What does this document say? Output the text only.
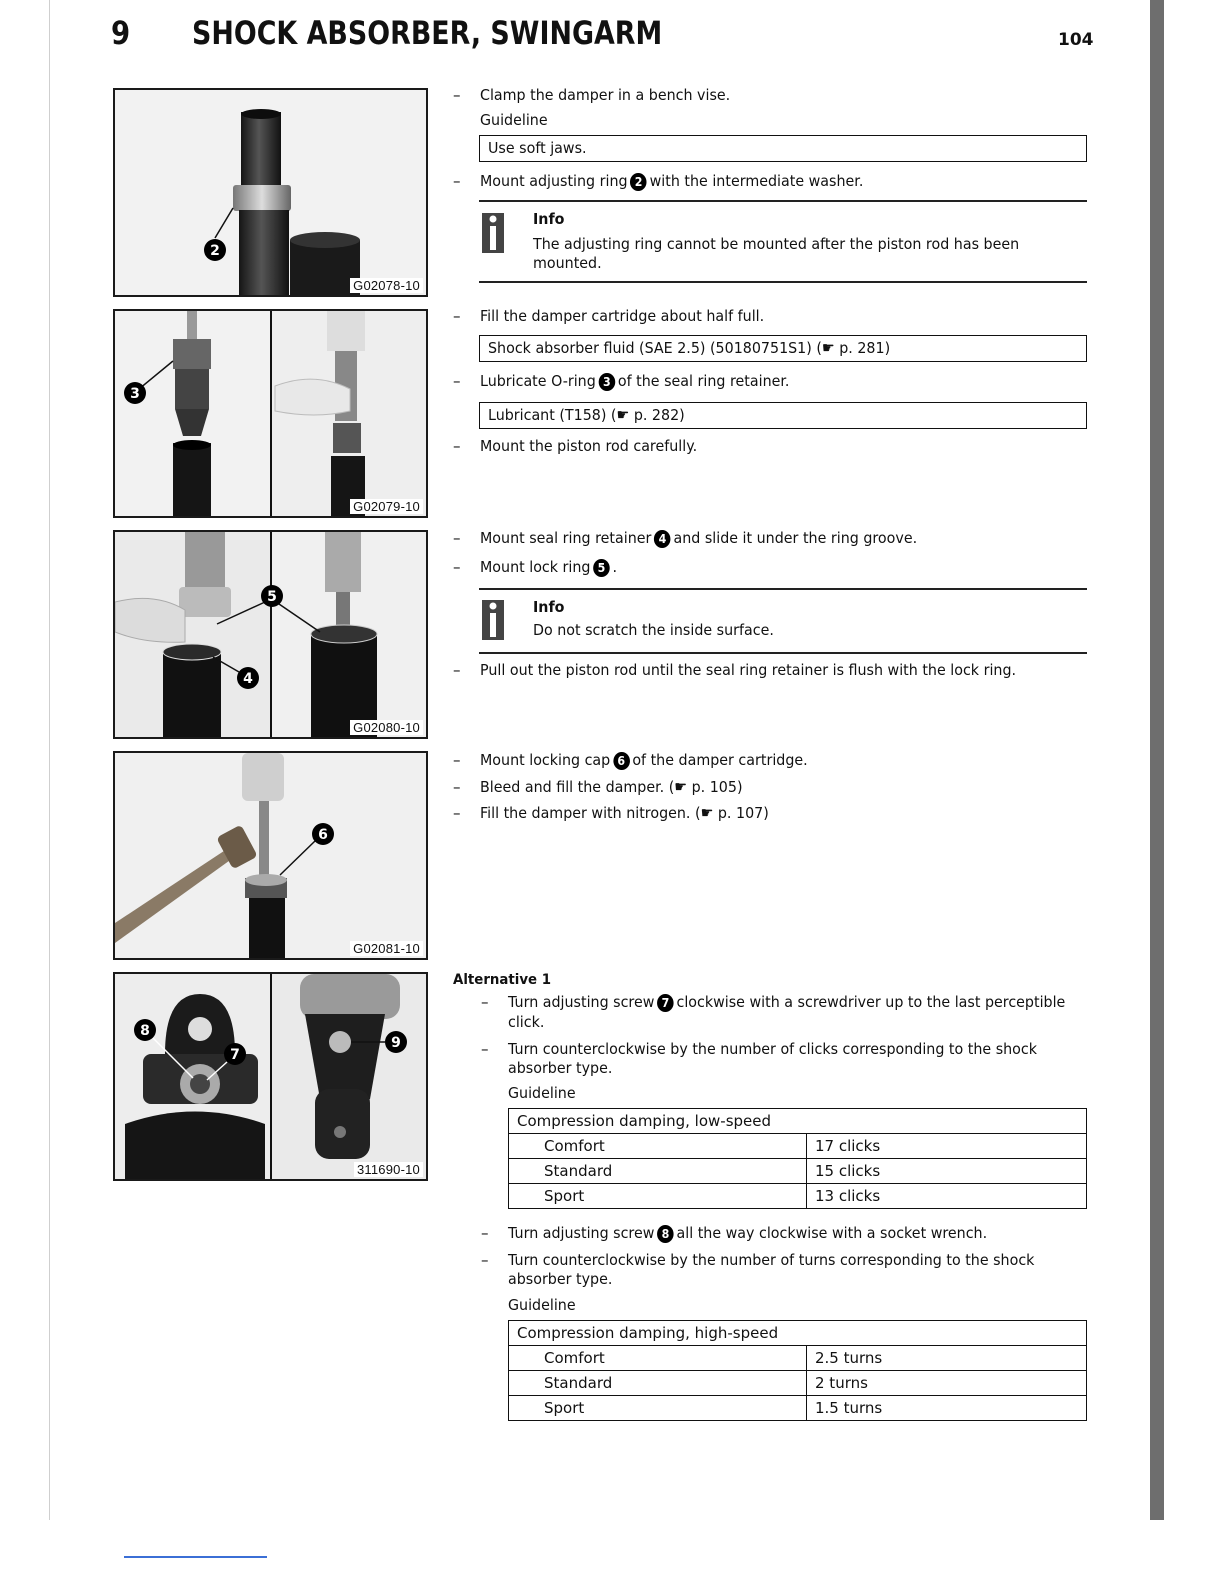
9 SHOCK ABSORBER, SWINGARM	104
2
G02078-10
3
G02079-10
5
4
G02080-10
6
G02081-10
8
7
9
311690-10
– Clamp the damper in a bench vise.
Guideline
Use soft jaws.
– Mount adjusting ring 2 with the intermediate washer.
Info
The adjusting ring cannot be mounted after the piston rod has been
mounted.
– Fill the damper cartridge about half full.
Shock absorber fluid (SAE 2.5) (50180751S1) (☛ p. 281)
– Lubricate O-ring 3 of the seal ring retainer.
Lubricant (T158) (☛ p. 282)
– Mount the piston rod carefully.
– Mount seal ring retainer 4 and slide it under the ring groove.
– Mount lock ring 5 .
Info
Do not scratch the inside surface.
– Pull out the piston rod until the seal ring retainer is flush with the lock ring.
– Mount locking cap 6 of the damper cartridge.
– Bleed and fill the damper. (☛ p. 105)
– Fill the damper with nitrogen. (☛ p. 107)
Alternative 1
– Turn adjusting screw 7 clockwise with a screwdriver up to the last perceptible
click.
– Turn counterclockwise by the number of clicks corresponding to the shock
absorber type.
Guideline
Compression damping, low-speed	
Comfort	17 clicks
Standard	15 clicks
Sport	13 clicks
– Turn adjusting screw 8 all the way clockwise with a socket wrench.
– Turn counterclockwise by the number of turns corresponding to the shock
absorber type.
Guideline
Compression damping, high-speed	
Comfort	2.5 turns
Standard	2 turns
Sport	1.5 turns
